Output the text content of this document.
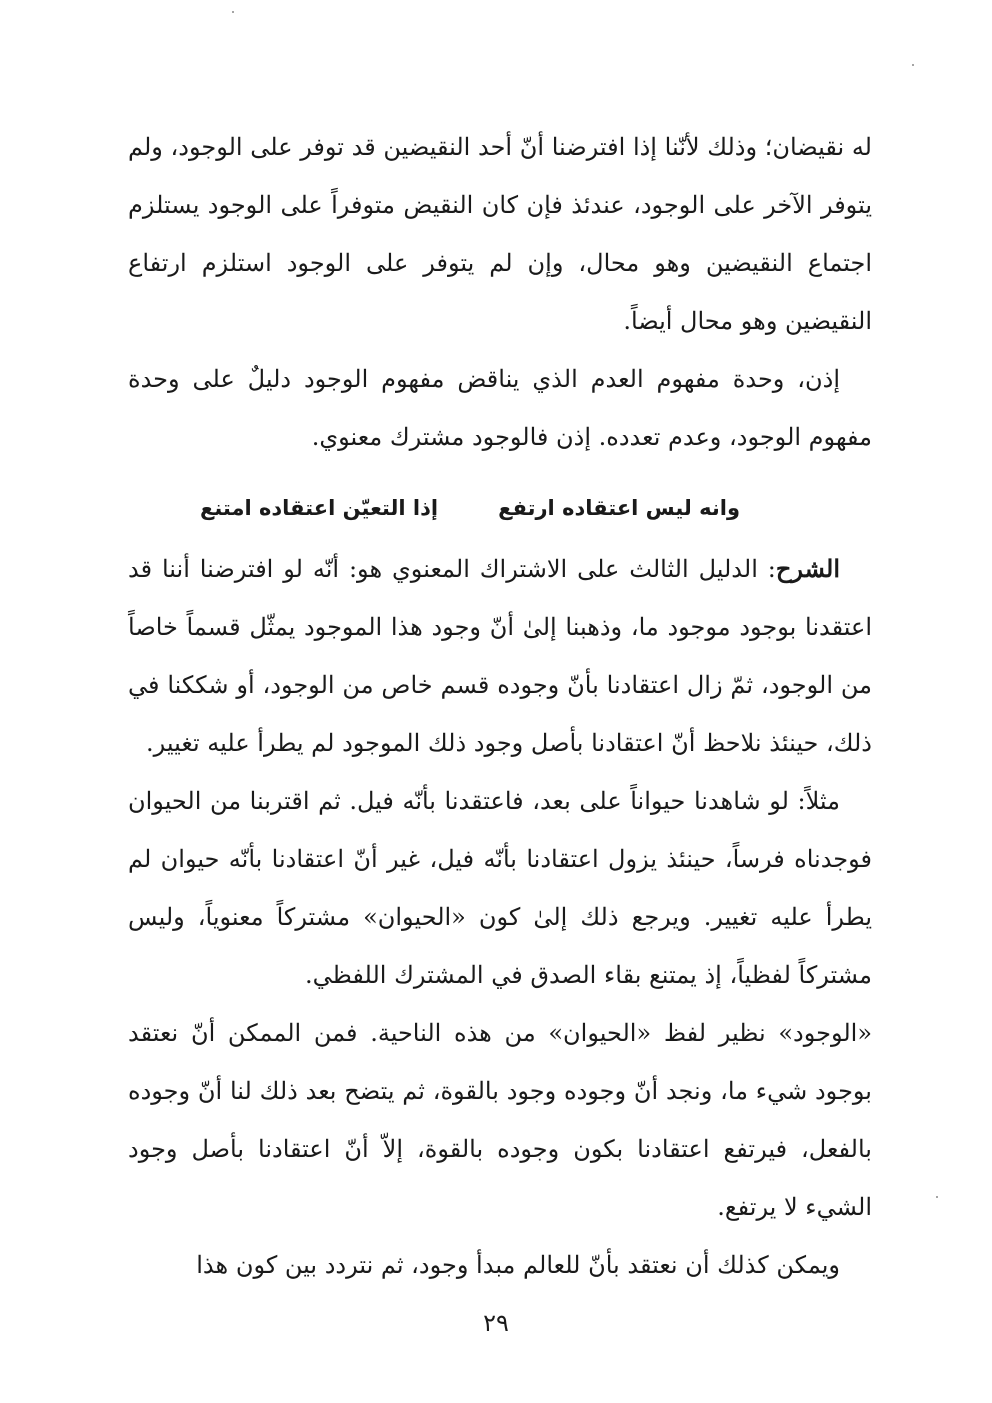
له نقيضان؛ وذلك لأنّنا إذا افترضنا أنّ أحد النقيضين قد توفر على الوجود، ولم يتوفر الآخر على الوجود، عندئذ فإن كان النقيض متوفراً على الوجود يستلزم اجتماع النقيضين وهو محال، وإن لم يتوفر على الوجود استلزم ارتفاع النقيضين وهو محال أيضاً.

إذن، وحدة مفهوم العدم الذي يناقض مفهوم الوجود دليلٌ على وحدة مفهوم الوجود، وعدم تعدده. إذن فالوجود مشترك معنوي.

وانه ليس اعتقاده ارتفع
إذا التعيّن اعتقاده امتنع

الشرح: الدليل الثالث على الاشتراك المعنوي هو: أنّه لو افترضنا أننا قد اعتقدنا بوجود موجود ما، وذهبنا إلىٰ أنّ وجود هذا الموجود يمثّل قسماً خاصاً من الوجود، ثمّ زال اعتقادنا بأنّ وجوده قسم خاص من الوجود، أو شككنا في ذلك، حينئذ نلاحظ أنّ اعتقادنا بأصل وجود ذلك الموجود لم يطرأ عليه تغيير.

مثلاً: لو شاهدنا حيواناً على بعد، فاعتقدنا بأنّه فيل. ثم اقتربنا من الحيوان فوجدناه فرساً، حينئذ يزول اعتقادنا بأنّه فيل، غير أنّ اعتقادنا بأنّه حيوان لم يطرأ عليه تغيير. ويرجع ذلك إلىٰ كون «الحيوان» مشتركاً معنوياً، وليس مشتركاً لفظياً، إذ يمتنع بقاء الصدق في المشترك اللفظي.

«الوجود» نظير لفظ «الحيوان» من هذه الناحية. فمن الممكن أنّ نعتقد بوجود شيء ما، ونجد أنّ وجوده وجود بالقوة، ثم يتضح بعد ذلك لنا أنّ وجوده بالفعل، فيرتفع اعتقادنا بكون وجوده بالقوة، إلاّ أنّ اعتقادنا بأصل وجود الشيء لا يرتفع.

ويمكن كذلك أن نعتقد بأنّ للعالم مبدأ وجود، ثم نتردد بين كون هذا

٢٩
